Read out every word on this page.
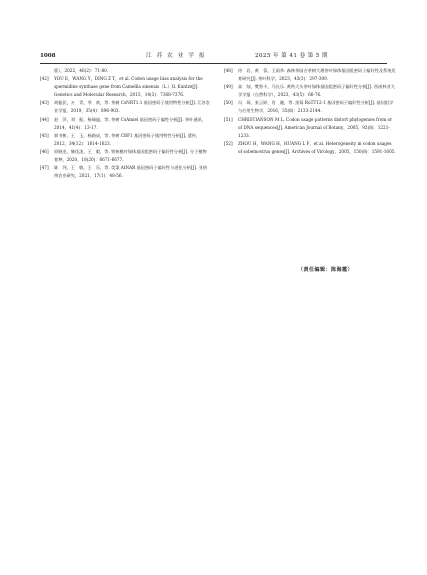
1008	江 苏 农 业 学 报	2025 年 第 41 卷 第 5 期

版），2022，46(2)：71-80.

[42] YOU E，WANG Y，DING Z T，et al. Codon usage bias analysis for the spermidine synthase gene from Camellia sinensis（L.）O. Kuntze[J]. Genetics and Molecular Research，2015，14(3)：7368-7376.

[43] 胡振民，万　青，李　欢，等. 茶树 CsNRT1.1 基因密码子使用特性分析[J]. 江苏农业学报，2019，35(4)：896-903.

[44] 赵　萍，刘　振，杨瑞迪，等. 茶树 CsAmiel 基因密码子偏性分析[J]. 茶叶通讯，2014，41(4)：13-17.

[45] 郭书彬，王　玉，杨路成，等. 茶树 CBF1 基因密码子使用特性分析[J]. 遗传，2012，34(12)：1614-1623.

[46] 原晓龙，赫佳泷，王　毅，等. 铁核桃叶绿体基因组密码子偏好性分析[J]. 分子植物育种，2020，18(20)：6671-6677.

[47] 陈　列，王　敏，王　乐，等. 荧菜 AtNAR 基因密码子偏好性与进化分析[J]. 亚热带农业研究，2021，17(1)：48-56.

[48] 侍　岩，黄　蓉，王雨华. 森林茶园古茶树大理茶叶绿体基因组密码子偏好性及系统发育研究[J]. 茶叶科学，2023，43(3)：297-309.

[49] 高　灿，樊智卡，马长乐. 黄药大头茶叶绿体基因组密码子偏好性分析[J]. 西南林业大学学报（自然科学），2023，43(5)：66-76.

[50] 冯　琛，张云婷，肖　婕，等. 黑莓 RuTT12-1 基因密码子偏好性分析[J]. 基因组学与应用生物学，2016，35(8)：2133-2144.

[51] CHRISTIANSON M L. Codon usage patterns distort phylogenies from or of DNA sequences[J]. American Journal of Botany，2005，92(8)：1221-1233.

[52] ZHOU H，WANG H，HUANG L F，et al. Heterogeneity in codon usages of sobemovirus genes[J]. Archives of Virology，2005，150(8)：1591-1605.

（责任编辑：陈海霞）
